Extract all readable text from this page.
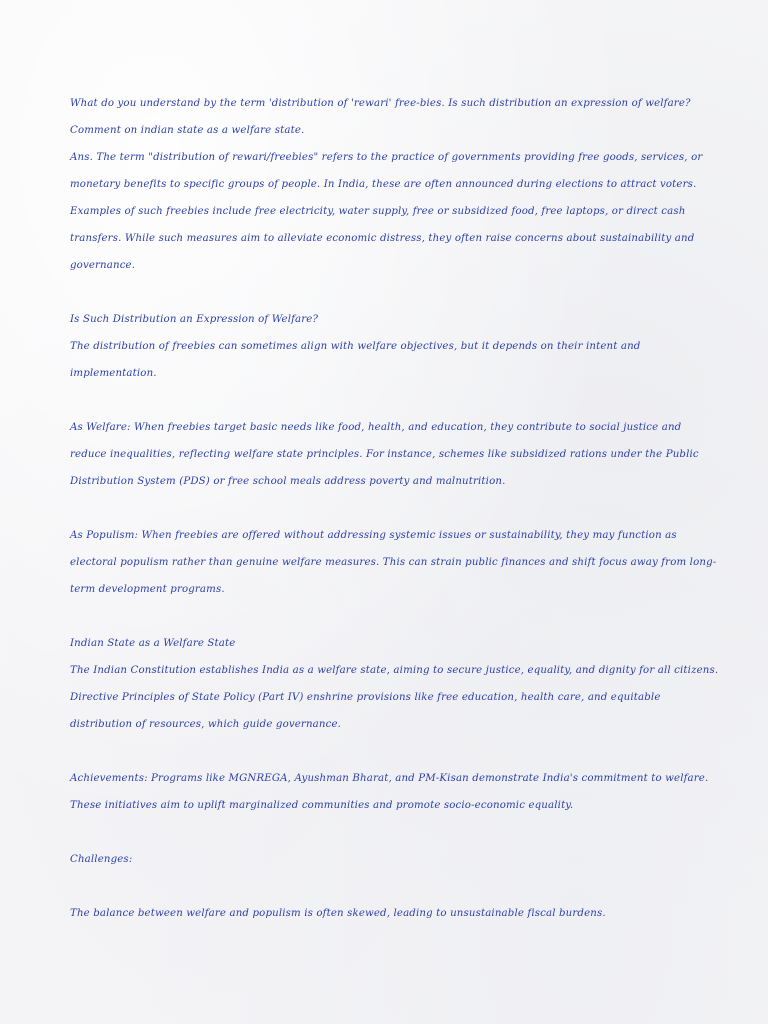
What do you understand by the term 'distribution of 'rewari' free-bies. Is such distribution an expression of welfare? Comment on indian state as a welfare state.

Ans. The term "distribution of rewari/freebies" refers to the practice of governments providing free goods, services, or monetary benefits to specific groups of people. In India, these are often announced during elections to attract voters. Examples of such freebies include free electricity, water supply, free or subsidized food, free laptops, or direct cash transfers. While such measures aim to alleviate economic distress, they often raise concerns about sustainability and governance.

Is Such Distribution an Expression of Welfare?

The distribution of freebies can sometimes align with welfare objectives, but it depends on their intent and implementation.

As Welfare: When freebies target basic needs like food, health, and education, they contribute to social justice and reduce inequalities, reflecting welfare state principles. For instance, schemes like subsidized rations under the Public Distribution System (PDS) or free school meals address poverty and malnutrition.

As Populism: When freebies are offered without addressing systemic issues or sustainability, they may function as electoral populism rather than genuine welfare measures. This can strain public finances and shift focus away from long-term development programs.

Indian State as a Welfare State

The Indian Constitution establishes India as a welfare state, aiming to secure justice, equality, and dignity for all citizens. Directive Principles of State Policy (Part IV) enshrine provisions like free education, health care, and equitable distribution of resources, which guide governance.

Achievements: Programs like MGNREGA, Ayushman Bharat, and PM-Kisan demonstrate India's commitment to welfare. These initiatives aim to uplift marginalized communities and promote socio-economic equality.

Challenges:

The balance between welfare and populism is often skewed, leading to unsustainable fiscal burdens.
